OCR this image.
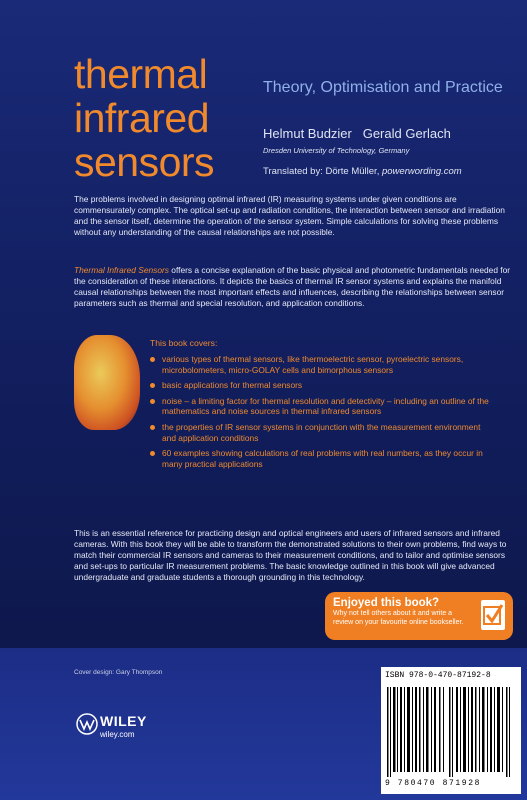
thermal
infrared
sensors
Theory, Optimisation and Practice
Helmut Budzier   Gerald Gerlach
Dresden University of Technology, Germany
Translated by: Dörte Müller, powerwording.com

The problems involved in designing optimal infrared (IR) measuring systems under given conditions are commensurately complex. The optical set-up and radiation conditions, the interaction between sensor and irradiation and the sensor itself, determine the operation of the sensor system. Simple calculations for solving these problems without any understanding of the causal relationships are not possible.

Thermal Infrared Sensors offers a concise explanation of the basic physical and photometric fundamentals needed for the consideration of these interactions. It depicts the basics of thermal IR sensor systems and explains the manifold causal relationships between the most important effects and influences, describing the relationships between sensor parameters such as thermal and special resolution, and application conditions.

This book covers:
various types of thermal sensors, like thermoelectric sensor, pyroelectric sensors, microbolometers, micro-GOLAY cells and bimorphous sensors
basic applications for thermal sensors
noise – a limiting factor for thermal resolution and detectivity – including an outline of the mathematics and noise sources in thermal infrared sensors
the properties of IR sensor systems in conjunction with the measurement environment and application conditions
60 examples showing calculations of real problems with real numbers, as they occur in many practical applications

This is an essential reference for practicing design and optical engineers and users of infrared sensors and infrared cameras. With this book they will be able to transform the demonstrated solutions to their own problems, find ways to match their commercial IR sensors and cameras to their measurement conditions, and to tailor and optimise sensors and set-ups to particular IR measurement problems. The basic knowledge outlined in this book will give advanced undergraduate and graduate students a thorough grounding in this technology.

Enjoyed this book?
Why not tell others about it and write a review on your favourite online bookseller.
Cover design: Gary Thompson
WILEY
wiley.com
ISBN 978-0-470-87192-8
9 780470 871928
